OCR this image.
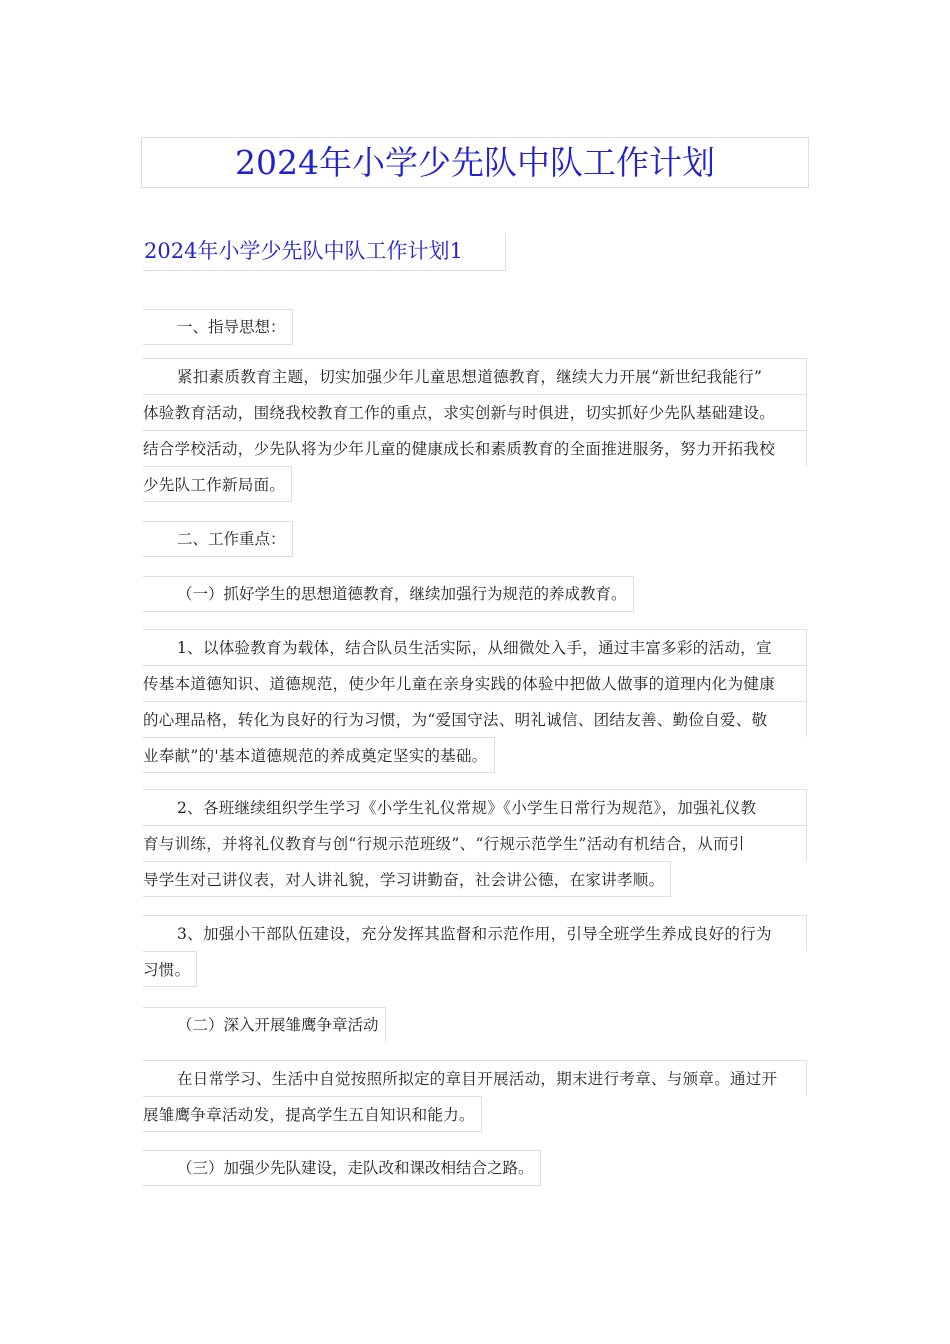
2024年小学少先队中队工作计划
2024年小学少先队中队工作计划1
一、指导思想：
紧扣素质教育主题，切实加强少年儿童思想道德教育，继续大力开展“新世纪我能行”
体验教育活动，围绕我校教育工作的重点，求实创新与时俱进，切实抓好少先队基础建设。
结合学校活动，少先队将为少年儿童的健康成长和素质教育的全面推进服务，努力开拓我校
少先队工作新局面。
二、工作重点：
（一）抓好学生的思想道德教育，继续加强行为规范的养成教育。
1、以体验教育为载体，结合队员生活实际，从细微处入手，通过丰富多彩的活动，宣
传基本道德知识、道德规范，使少年儿童在亲身实践的体验中把做人做事的道理内化为健康
的心理品格，转化为良好的行为习惯，为“爱国守法、明礼诚信、团结友善、勤俭自爱、敬
业奉献”的'基本道德规范的养成奠定坚实的基础。
2、各班继续组织学生学习《小学生礼仪常规》《小学生日常行为规范》，加强礼仪教
育与训练，并将礼仪教育与创“行规示范班级”、“行规示范学生”活动有机结合，从而引
导学生对己讲仪表，对人讲礼貌，学习讲勤奋，社会讲公德，在家讲孝顺。
3、加强小干部队伍建设，充分发挥其监督和示范作用，引导全班学生养成良好的行为
习惯。
（二）深入开展雏鹰争章活动
在日常学习、生活中自觉按照所拟定的章目开展活动，期末进行考章、与颁章。通过开
展雏鹰争章活动发，提高学生五自知识和能力。
（三）加强少先队建设，走队改和课改相结合之路。
